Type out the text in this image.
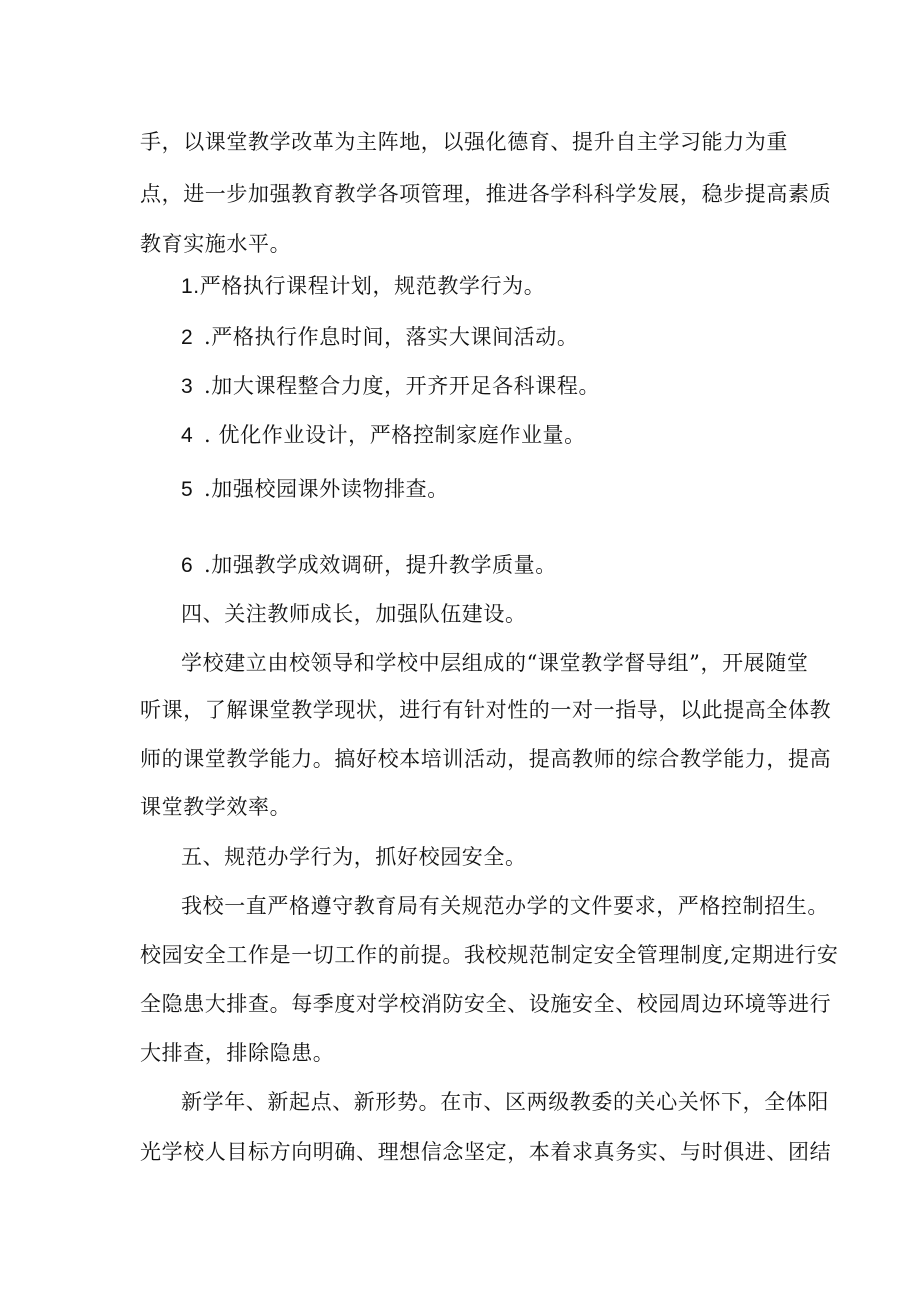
手，以课堂教学改革为主阵地，以强化德育、提升自主学习能力为重
点，进一步加强教育教学各项管理，推进各学科科学发展，稳步提高素质
教育实施水平。
1.严格执行课程计划，规范教学行为。
2 .严格执行作息时间，落实大课间活动。
3 .加大课程整合力度，开齐开足各科课程。
4 . 优化作业设计，严格控制家庭作业量。
5 .加强校园课外读物排查。
6 .加强教学成效调研，提升教学质量。
四、关注教师成长，加强队伍建设。
学校建立由校领导和学校中层组成的“课堂教学督导组”，开展随堂
听课，了解课堂教学现状，进行有针对性的一对一指导，以此提高全体教
师的课堂教学能力。搞好校本培训活动，提高教师的综合教学能力，提高
课堂教学效率。
五、规范办学行为，抓好校园安全。
我校一直严格遵守教育局有关规范办学的文件要求，严格控制招生。
校园安全工作是一切工作的前提。我校规范制定安全管理制度,定期进行安
全隐患大排查。每季度对学校消防安全、设施安全、校园周边环境等进行
大排查，排除隐患。
新学年、新起点、新形势。在市、区两级教委的关心关怀下，全体阳
光学校人目标方向明确、理想信念坚定，本着求真务实、与时俱进、团结
